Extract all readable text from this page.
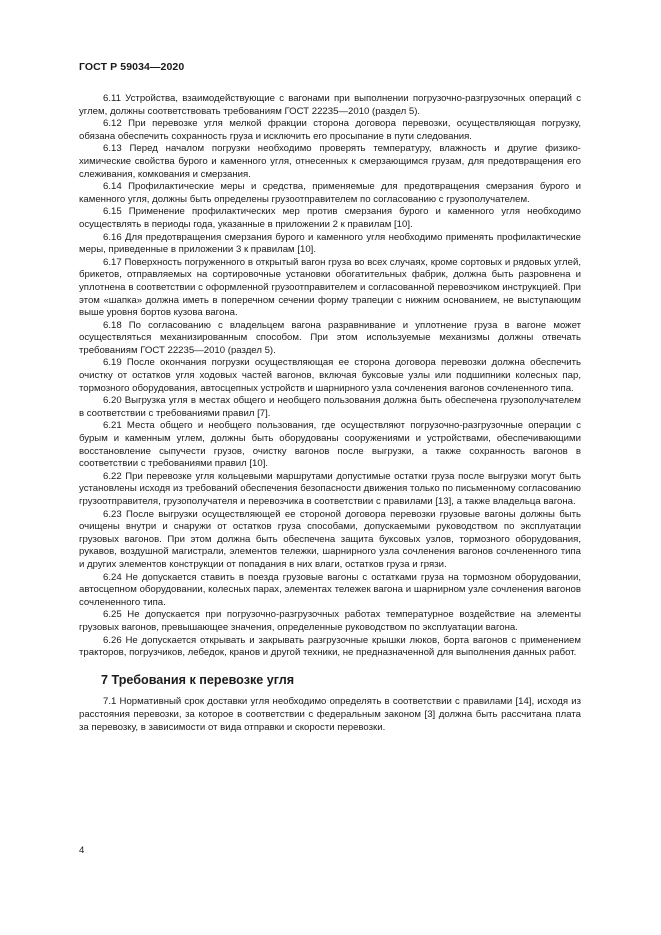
ГОСТ Р 59034—2020

6.11 Устройства, взаимодействующие с вагонами при выполнении погрузочно-разгрузочных операций с углем, должны соответствовать требованиям ГОСТ 22235—2010 (раздел 5).

6.12 При перевозке угля мелкой фракции сторона договора перевозки, осуществляющая погрузку, обязана обеспечить сохранность груза и исключить его просыпание в пути следования.

6.13 Перед началом погрузки необходимо проверять температуру, влажность и другие физико-химические свойства бурого и каменного угля, отнесенных к смерзающимся грузам, для предотвращения его слеживания, комкования и смерзания.

6.14 Профилактические меры и средства, применяемые для предотвращения смерзания бурого и каменного угля, должны быть определены грузоотправителем по согласованию с грузополучателем.

6.15 Применение профилактических мер против смерзания бурого и каменного угля необходимо осуществлять в периоды года, указанные в приложении 2 к правилам [10].

6.16 Для предотвращения смерзания бурого и каменного угля необходимо применять профилактические меры, приведенные в приложении 3 к правилам [10].

6.17 Поверхность погруженного в открытый вагон груза во всех случаях, кроме сортовых и рядовых углей, брикетов, отправляемых на сортировочные установки обогатительных фабрик, должна быть разровнена и уплотнена в соответствии с оформленной грузоотправителем и согласованной перевозчиком инструкцией. При этом «шапка» должна иметь в поперечном сечении форму трапеции с нижним основанием, не выступающим выше уровня бортов кузова вагона.

6.18 По согласованию с владельцем вагона разравнивание и уплотнение груза в вагоне может осуществляться механизированным способом. При этом используемые механизмы должны отвечать требованиям ГОСТ 22235—2010 (раздел 5).

6.19 После окончания погрузки осуществляющая ее сторона договора перевозки должна обеспечить очистку от остатков угля ходовых частей вагонов, включая буксовые узлы или подшипники колесных пар, тормозного оборудования, автосцепных устройств и шарнирного узла сочленения вагонов сочлененного типа.

6.20 Выгрузка угля в местах общего и необщего пользования должна быть обеспечена грузополучателем в соответствии с требованиями правил [7].

6.21 Места общего и необщего пользования, где осуществляют погрузочно-разгрузочные операции с бурым и каменным углем, должны быть оборудованы сооружениями и устройствами, обеспечивающими восстановление сыпучести грузов, очистку вагонов после выгрузки, а также сохранность вагонов в соответствии с требованиями правил [10].

6.22 При перевозке угля кольцевыми маршрутами допустимые остатки груза после выгрузки могут быть установлены исходя из требований обеспечения безопасности движения только по письменному согласованию грузоотправителя, грузополучателя и перевозчика в соответствии с правилами [13], а также владельца вагона.

6.23 После выгрузки осуществляющей ее стороной договора перевозки грузовые вагоны должны быть очищены внутри и снаружи от остатков груза способами, допускаемыми руководством по эксплуатации грузовых вагонов. При этом должна быть обеспечена защита буксовых узлов, тормозного оборудования, рукавов, воздушной магистрали, элементов тележки, шарнирного узла сочленения вагонов сочлененного типа и других элементов конструкции от попадания в них влаги, остатков груза и грязи.

6.24 Не допускается ставить в поезда грузовые вагоны с остатками груза на тормозном оборудовании, автосцепном оборудовании, колесных парах, элементах тележек вагона и шарнирном узле сочленения вагонов сочлененного типа.

6.25 Не допускается при погрузочно-разгрузочных работах температурное воздействие на элементы грузовых вагонов, превышающее значения, определенные руководством по эксплуатации вагона.

6.26 Не допускается открывать и закрывать разгрузочные крышки люков, борта вагонов с применением тракторов, погрузчиков, лебедок, кранов и другой техники, не предназначенной для выполнения данных работ.

7 Требования к перевозке угля

7.1 Нормативный срок доставки угля необходимо определять в соответствии с правилами [14], исходя из расстояния перевозки, за которое в соответствии с федеральным законом [3] должна быть рассчитана плата за перевозку, в зависимости от вида отправки и скорости перевозки.

4
